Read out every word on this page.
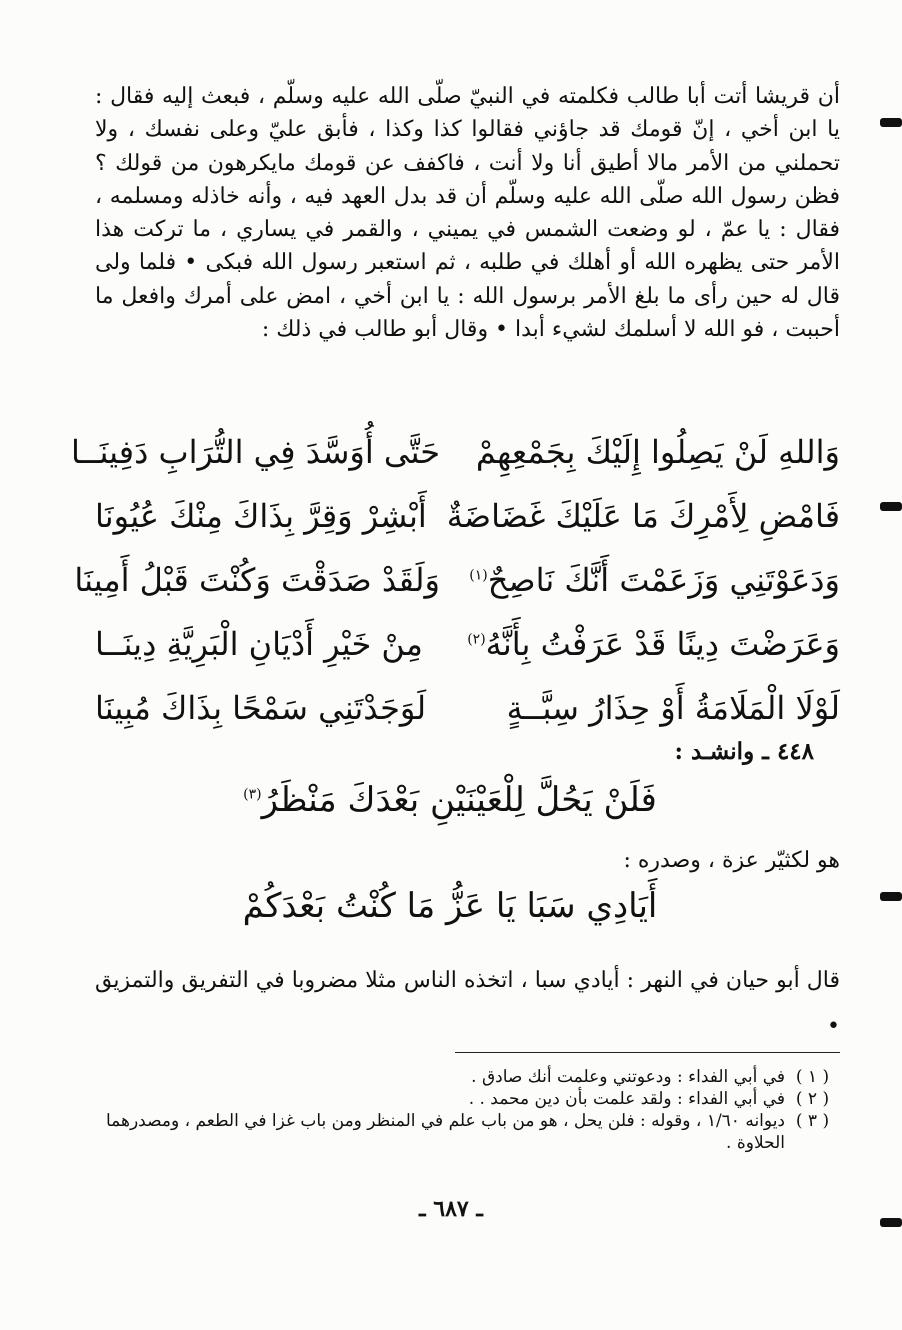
أن قريشا أتت أبا طالب فكلمته في النبيّ صلّى الله عليه وسلّم ، فبعث إليه فقال : يا ابن أخي ، إنّ قومك قد جاؤني فقالوا كذا وكذا ، فأبق عليّ وعلى نفسك ، ولا تحملني من الأمر مالا أطيق أنا ولا أنت ، فاكفف عن قومك مايكرهون من قولك ؟ فظن رسول الله صلّى الله عليه وسلّم أن قد بدل العهد فيه ، وأنه خاذله ومسلمه ، فقال : يا عمّ ، لو وضعت الشمس في يميني ، والقمر في يساري ، ما تركت هذا الأمر حتى يظهره الله أو أهلك في طلبه ، ثم استعبر رسول الله فبكى • فلما ولى قال له حين رأى ما بلغ الأمر برسول الله : يا ابن أخي ، امض على أمرك وافعل ما أحببت ، فو الله لا أسلمك لشيء أبدا • وقال أبو طالب في ذلك :

وَاللهِ لَنْ يَصِلُوا إِلَيْكَ بِجَمْعِهِمْ
حَتَّى أُوَسَّدَ فِي التُّرَابِ دَفِينَــا
فَامْضِ لِأَمْرِكَ مَا عَلَيْكَ غَضَاضَةٌ
أَبْشِرْ وَقِرَّ بِذَاكَ مِنْكَ عُيُونَا
وَدَعَوْتَنِي وَزَعَمْتَ أَنَّكَ نَاصِحٌ$^{(١)}$
وَلَقَدْ صَدَقْتَ وَكُنْتَ قَبْلُ أَمِينَا
وَعَرَضْتَ دِينًا قَدْ عَرَفْتُ بِأَنَّهُ$^{(٢)}$
مِنْ خَيْرِ أَدْيَانِ الْبَرِيَّةِ دِينَــا
لَوْلَا الْمَلَامَةُ أَوْ حِذَارُ سِبَّــةٍ
لَوَجَدْتَنِي سَمْحًا بِذَاكَ مُبِينَا
٤٤٨ ـ وانشـد :
فَلَنْ يَحُلَّ لِلْعَيْنَيْنِ بَعْدَكَ مَنْظَرُ$^{(٣)}$
هو لكثيّر عزة ، وصدره :
أَيَادِي سَبَا يَا عَزُّ مَا كُنْتُ بَعْدَكُمْ
قال أبو حيان في النهر : أيادي سبا ، اتخذه الناس مثلا مضروبا في التفريق والتمزيق •
( ١ )
في أبي الفداء : ودعوتني وعلمت أنك صادق .
( ٢ )
في أبي الفداء : ولقد علمت بأن دين محمد . .
( ٣ )
ديوانه ١/٦٠ ، وقوله : فلن يحل ، هو من باب علم في المنظر ومن باب غزا في الطعم ، ومصدرهما الحلاوة .
ـ ٦٨٧ ـ
